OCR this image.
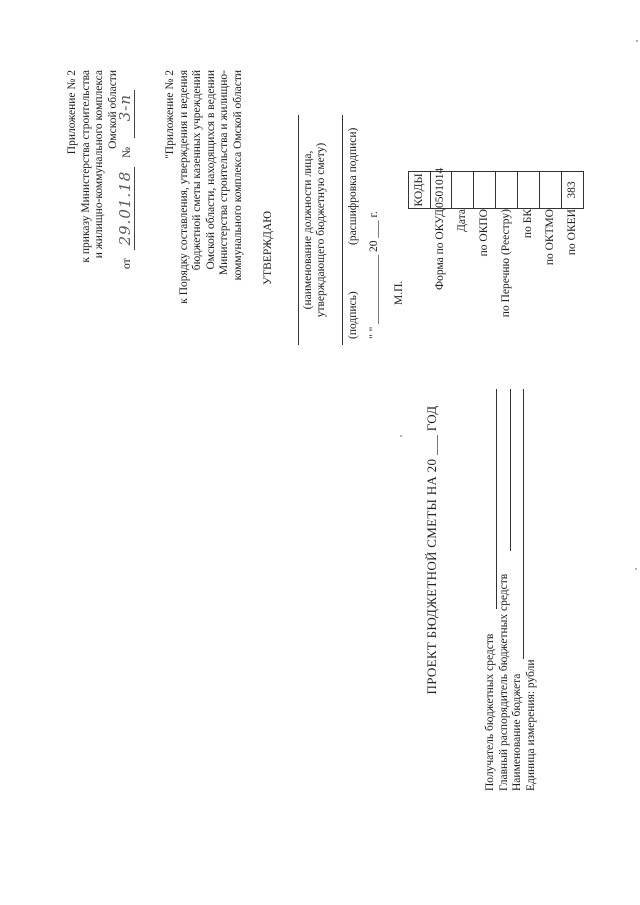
Приложение № 2 к приказу Министерства строительства и жилищно-коммунального комплекса Омской области
от 29.01.18 № 3-п	"Приложение № 2 к Порядку составления, утверждения и ведения бюджетной сметы казенных учреждений Омской области, находящихся в ведении Министерства строительства и жилищно- коммунального комплекса Омской области УТВЕРЖДАЮ (наименование должности лица, утверждающего бюджетную смету) (подпись)
(расшифровка подписи)
" " ____________ 20 ___ г. М.П.
КОДЫ
Форма по ОКУД
0501014
Дата по ОКПО по Перечню (Реестру) по БК по ОКТМО по ОКЕИ
383
ПРОЕКТ БЮДЖЕТНОЙ СМЕТЫ НА 20 ___ ГОД
Получатель бюджетных средств Главный распорядитель бюджетных средств Наименование бюджета Единица измерения: рубли
